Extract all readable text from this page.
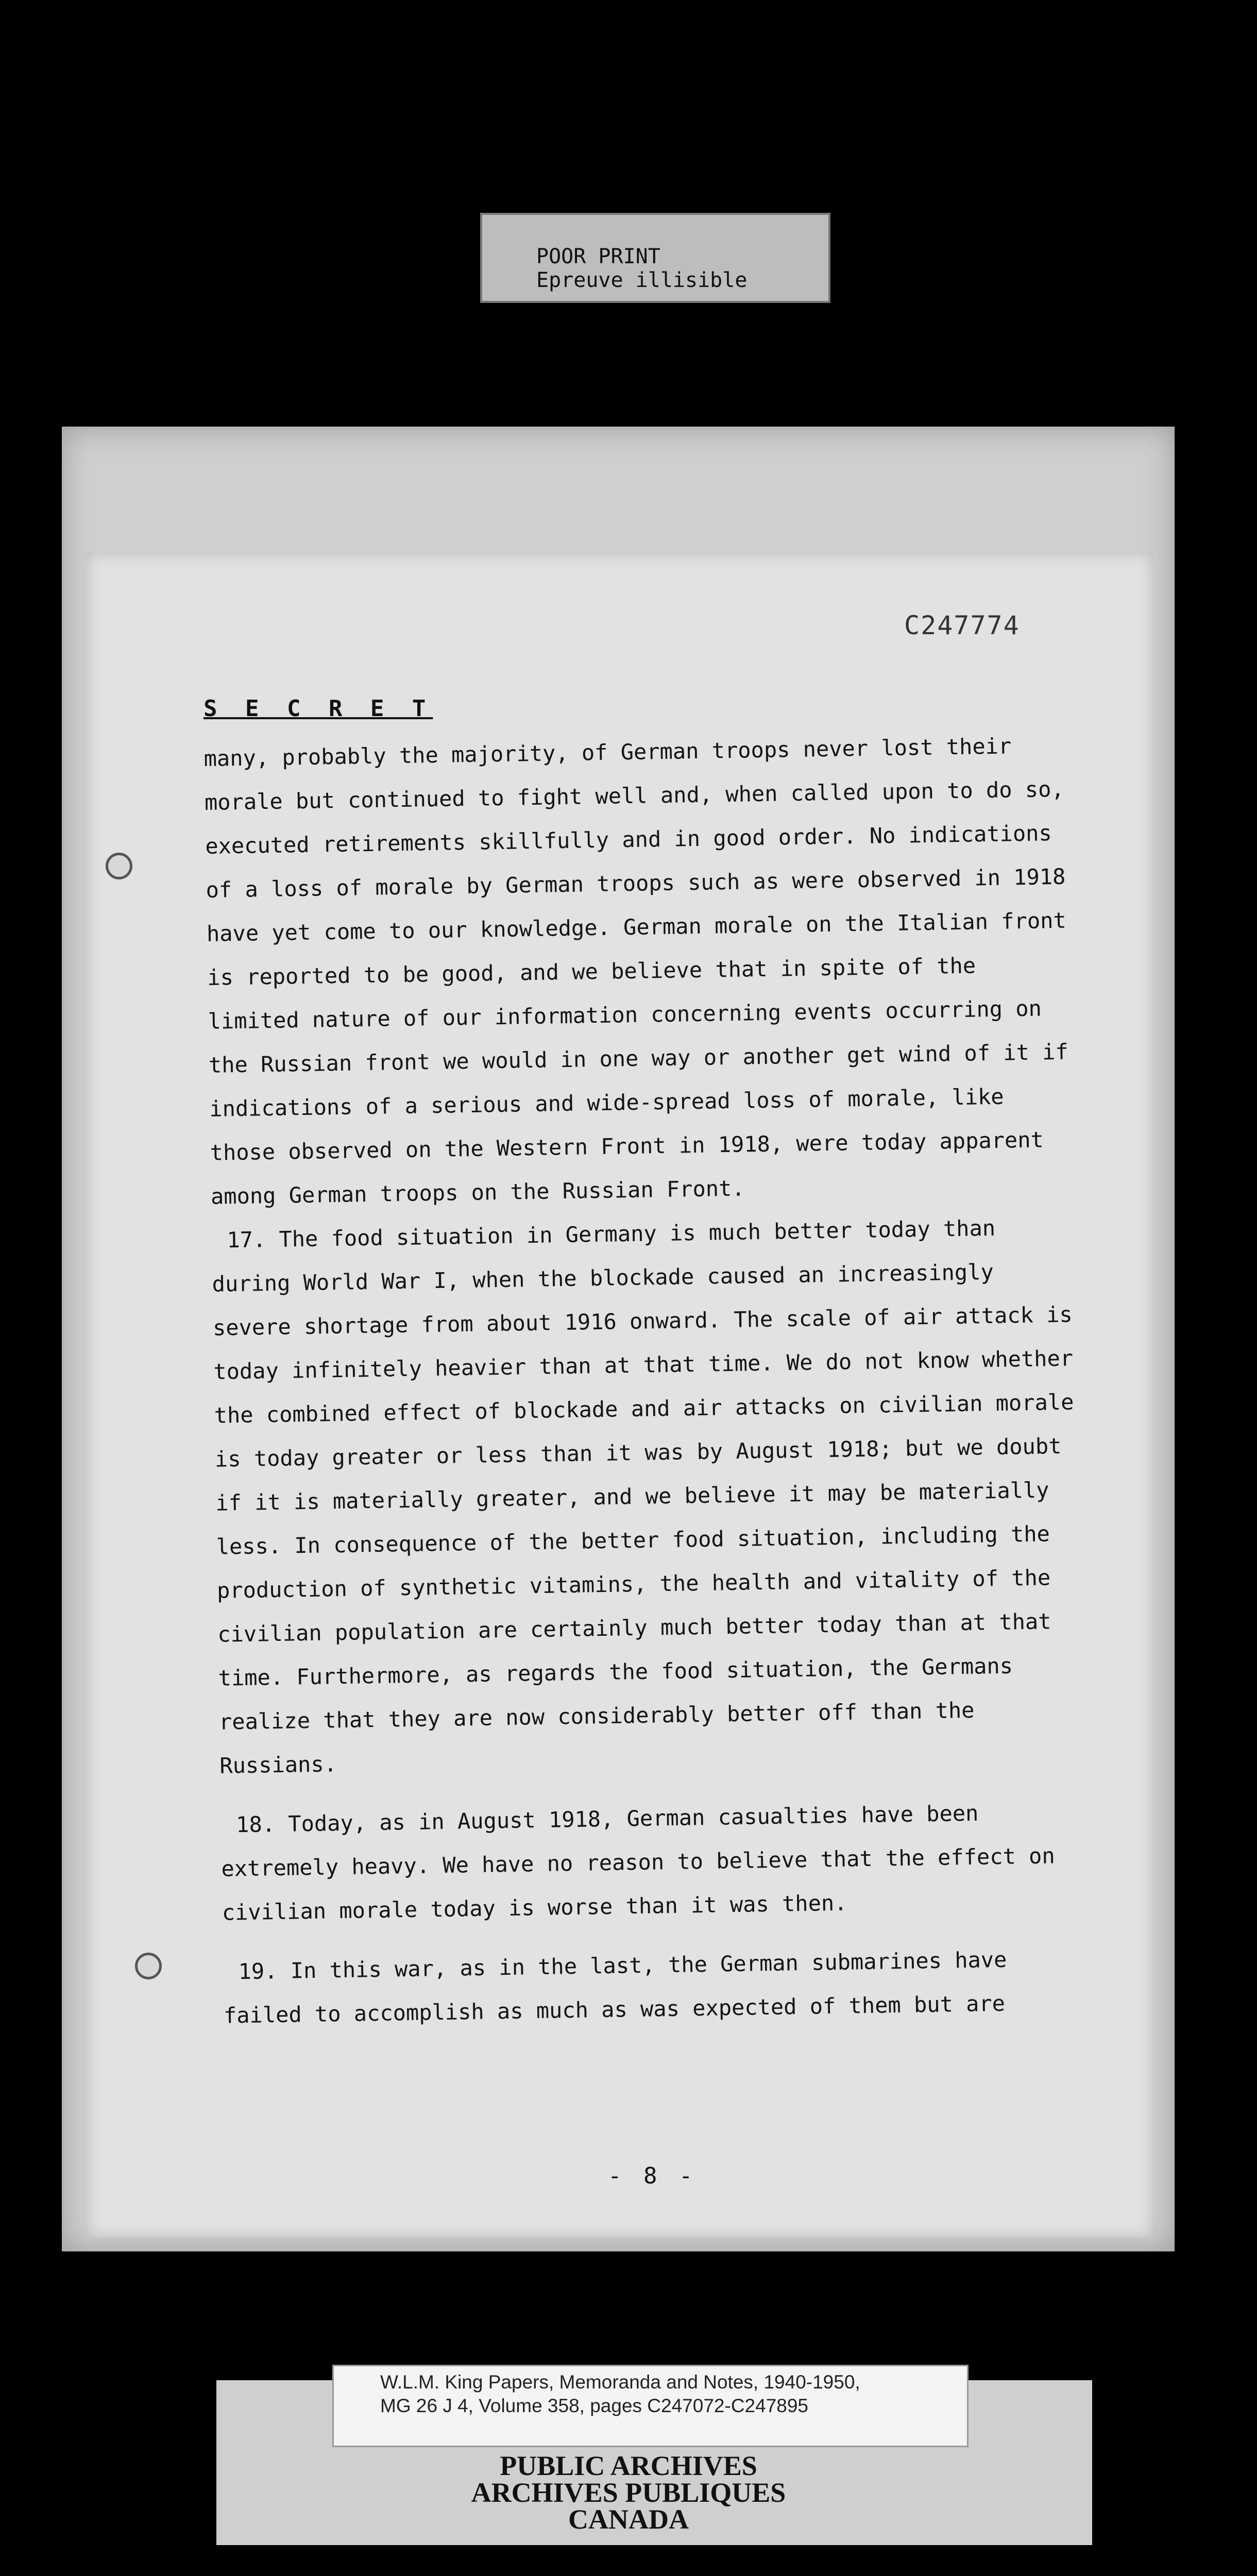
POOR PRINT
Epreuve illisible
C247774
S E C R E T

many, probably the majority, of German troops never lost their morale but continued to fight well and, when called upon to do so, executed retirements skillfully and in good order. No indications of a loss of morale by German troops such as were observed in 1918 have yet come to our knowledge. German morale on the Italian front is reported to be good, and we believe that in spite of the limited nature of our information concerning events occurring on the Russian front we would in one way or another get wind of it if indications of a serious and wide-spread loss of morale, like those observed on the Western Front in 1918, were today apparent among German troops on the Russian Front.

17. The food situation in Germany is much better today than during World War I, when the blockade caused an increasingly severe shortage from about 1916 onward. The scale of air attack is today infinitely heavier than at that time. We do not know whether the combined effect of blockade and air attacks on civilian morale is today greater or less than it was by August 1918; but we doubt if it is materially greater, and we believe it may be materially less. In consequence of the better food situation, including the production of synthetic vitamins, the health and vitality of the civilian population are certainly much better today than at that time. Furthermore, as regards the food situation, the Germans realize that they are now considerably better off than the Russians.

18. Today, as in August 1918, German casualties have been extremely heavy. We have no reason to believe that the effect on civilian morale today is worse than it was then.

19. In this war, as in the last, the German submarines have failed to accomplish as much as was expected of them but are

- 8 -
W.L.M. King Papers, Memoranda and Notes, 1940-1950,
MG 26 J 4, Volume 358, pages C247072-C247895
PUBLIC ARCHIVES
ARCHIVES PUBLIQUES
CANADA
